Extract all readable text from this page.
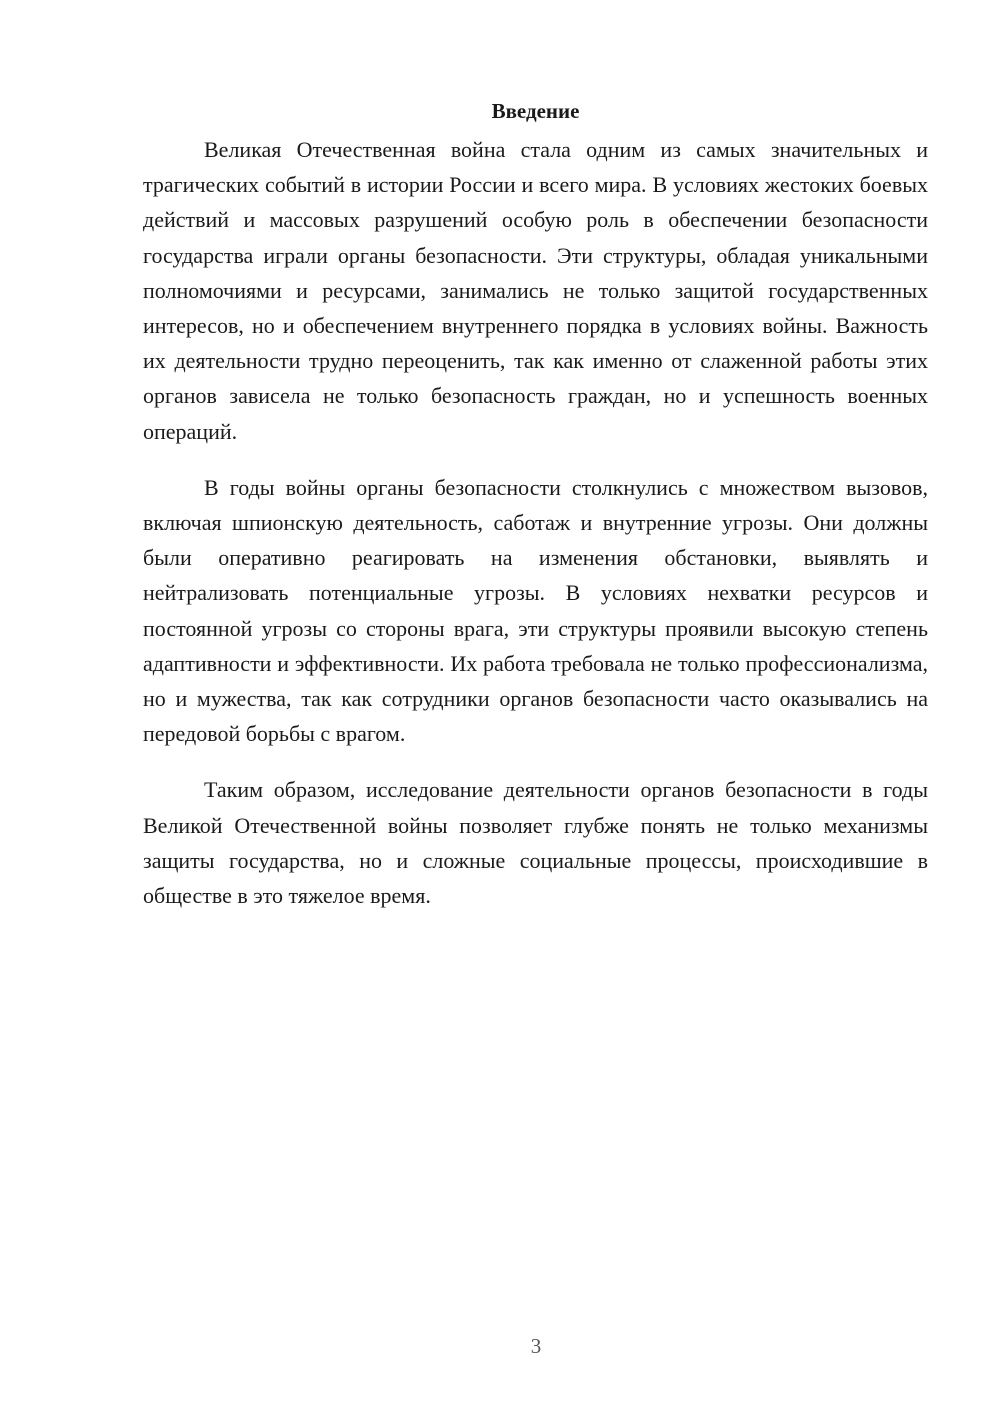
Введение

Великая Отечественная война стала одним из самых значительных и трагических событий в истории России и всего мира. В условиях жестоких боевых действий и массовых разрушений особую роль в обеспечении безопасности государства играли органы безопасности. Эти структуры, обладая уникальными полномочиями и ресурсами, занимались не только защитой государственных интересов, но и обеспечением внутреннего порядка в условиях войны. Важность их деятельности трудно переоценить, так как именно от слаженной работы этих органов зависела не только безопасность граждан, но и успешность военных операций.

В годы войны органы безопасности столкнулись с множеством вызовов, включая шпионскую деятельность, саботаж и внутренние угрозы. Они должны были оперативно реагировать на изменения обстановки, выявлять и нейтрализовать потенциальные угрозы. В условиях нехватки ресурсов и постоянной угрозы со стороны врага, эти структуры проявили высокую степень адаптивности и эффективности. Их работа требовала не только профессионализма, но и мужества, так как сотрудники органов безопасности часто оказывались на передовой борьбы с врагом.

Таким образом, исследование деятельности органов безопасности в годы Великой Отечественной войны позволяет глубже понять не только механизмы защиты государства, но и сложные социальные процессы, происходившие в обществе в это тяжелое время.

3
